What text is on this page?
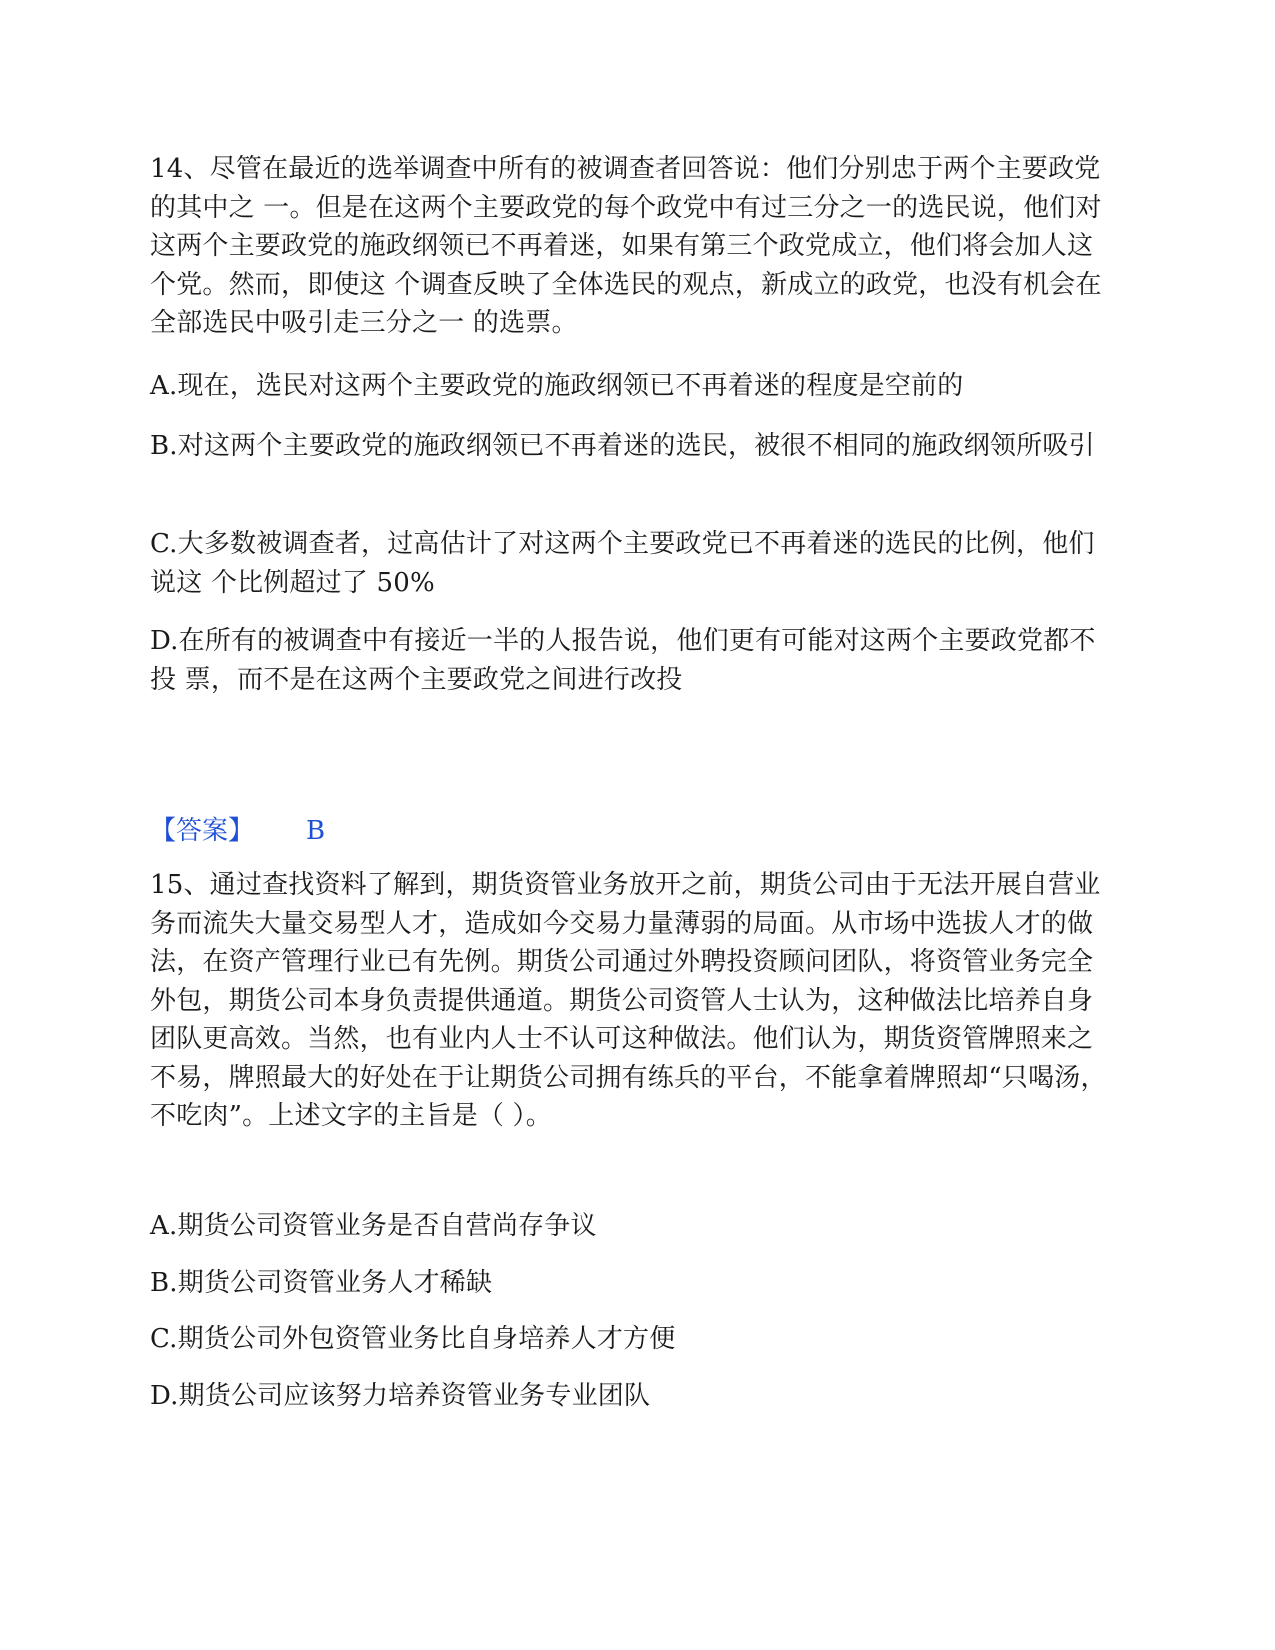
14、尽管在最近的选举调查中所有的被调查者回答说：他们分别忠于两个主要政党的其中之 一。但是在这两个主要政党的每个政党中有过三分之一的选民说，他们对这两个主要政党的施政纲领已不再着迷，如果有第三个政党成立，他们将会加人这个党。然而，即使这 个调查反映了全体选民的观点，新成立的政党，也没有机会在全部选民中吸引走三分之一 的选票。

A.现在，选民对这两个主要政党的施政纲领已不再着迷的程度是空前的

B.对这两个主要政党的施政纲领已不再着迷的选民，被很不相同的施政纲领所吸引

C.大多数被调查者，过高估计了对这两个主要政党已不再着迷的选民的比例，他们说这 个比例超过了 50%

D.在所有的被调查中有接近一半的人报告说，他们更有可能对这两个主要政党都不投 票，而不是在这两个主要政党之间进行改投

【答案】 B

15、通过查找资料了解到，期货资管业务放开之前，期货公司由于无法开展自营业务而流失大量交易型人才，造成如今交易力量薄弱的局面。从市场中选拔人才的做法，在资产管理行业已有先例。期货公司通过外聘投资顾问团队，将资管业务完全外包，期货公司本身负责提供通道。期货公司资管人士认为，这种做法比培养自身团队更高效。当然，也有业内人士不认可这种做法。他们认为，期货资管牌照来之不易，牌照最大的好处在于让期货公司拥有练兵的平台，不能拿着牌照却“只喝汤，不吃肉”。上述文字的主旨是（ ）。

A.期货公司资管业务是否自营尚存争议

B.期货公司资管业务人才稀缺

C.期货公司外包资管业务比自身培养人才方便

D.期货公司应该努力培养资管业务专业团队
